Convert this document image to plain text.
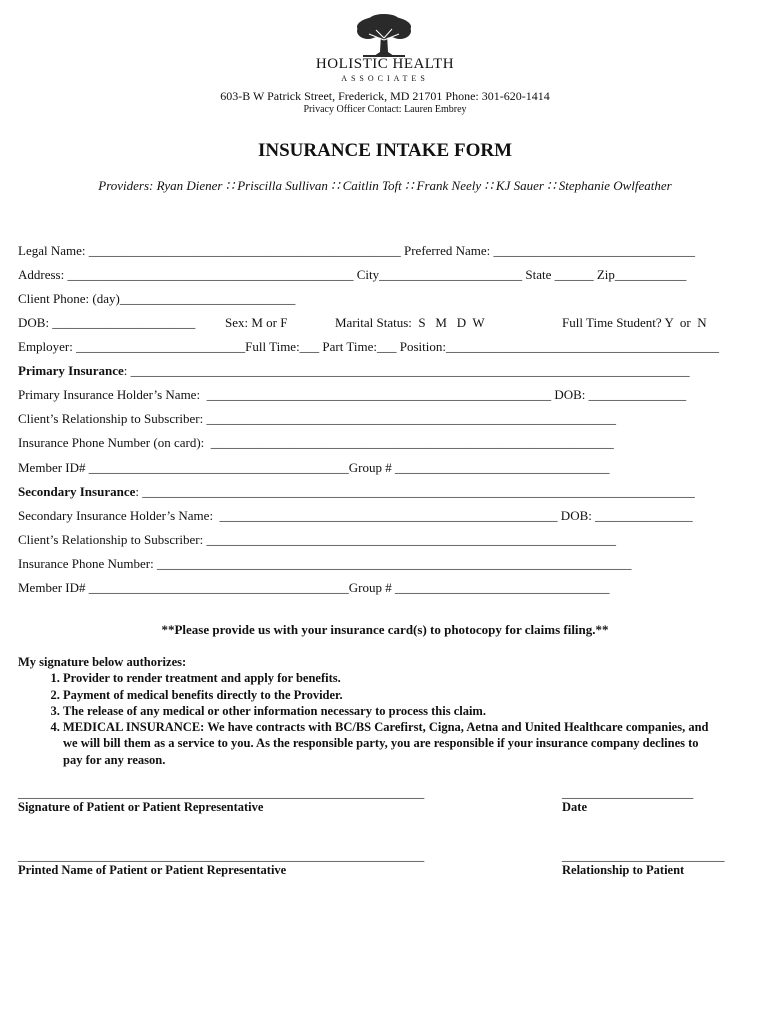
HOLISTIC HEALTH
ASSOCIATES
603-B W Patrick Street, Frederick, MD 21701 Phone: 301-620-1414
Privacy Officer Contact: Lauren Embrey
INSURANCE INTAKE FORM
Providers: Ryan Diener ∷ Priscilla Sullivan ∷ Caitlin Toft ∷ Frank Neely ∷ KJ Sauer ∷ Stephanie Owlfeather
Legal Name: ________________________________________________ Preferred Name: _______________________________
Address: ____________________________________________ City______________________ State ______ Zip___________
Client Phone: (day)___________________________
DOB: ______________________ Sex: M or F	Marital Status:  S   M   D  W	Full Time Student? Y  or  N
Employer: __________________________Full Time:___ Part Time:___ Position:__________________________________________
Primary Insurance: ______________________________________________________________________________________
Primary Insurance Holder’s Name:  _____________________________________________________ DOB: _______________
Client’s Relationship to Subscriber: _______________________________________________________________
Insurance Phone Number (on card):  ______________________________________________________________
Member ID# ________________________________________Group # _________________________________
Secondary Insurance: _____________________________________________________________________________________
Secondary Insurance Holder’s Name:  ____________________________________________________ DOB: _______________
Client’s Relationship to Subscriber: _______________________________________________________________
Insurance Phone Number: _________________________________________________________________________
Member ID# ________________________________________Group # _________________________________
**Please provide us with your insurance card(s) to photocopy for claims filing.**
My signature below authorizes:
1. Provider to render treatment and apply for benefits.
2. Payment of medical benefits directly to the Provider.
3. The release of any medical or other information necessary to process this claim.
4. MEDICAL INSURANCE: We have contracts with BC/BS Carefirst, Cigna, Aetna and United Healthcare companies, and we will bill them as a service to you. As the responsible party, you are responsible if your insurance company declines to pay for any reason.
_________________________________________________________________	_____________________
Signature of Patient or Patient Representative	Date
_________________________________________________________________	__________________________
Printed Name of Patient or Patient Representative	Relationship to Patient
